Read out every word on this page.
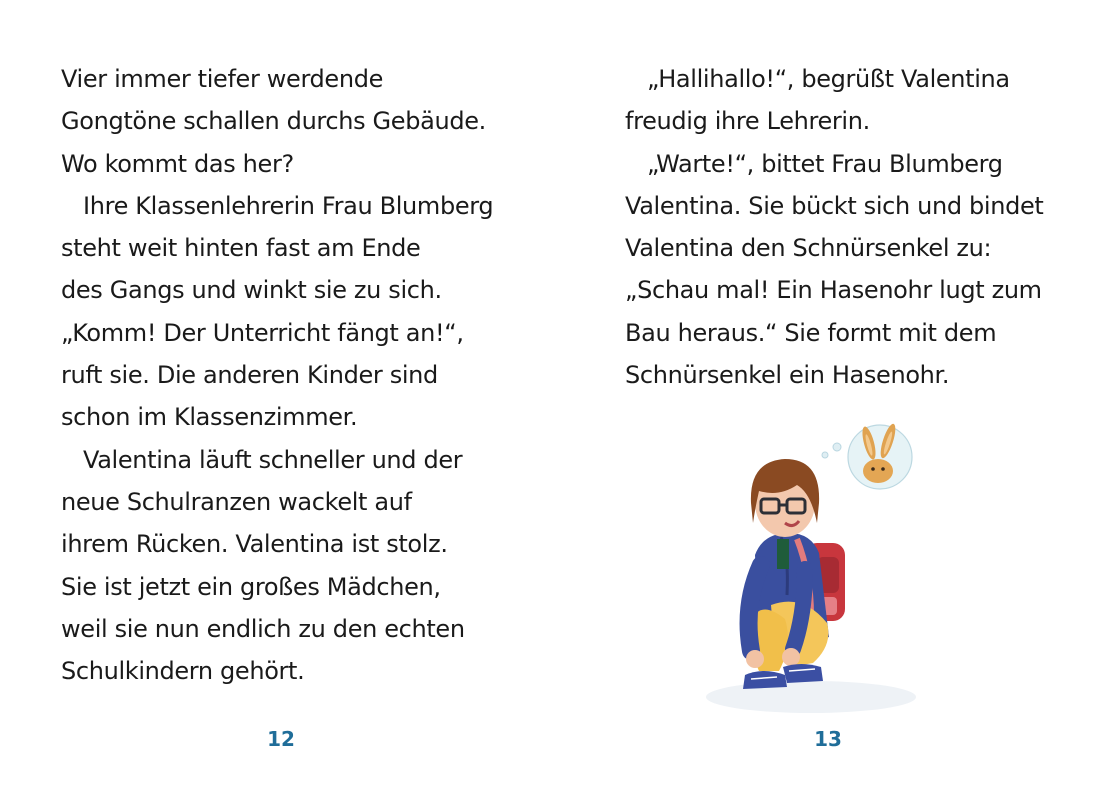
Vier immer tiefer werdende
Gongtöne schallen durchs Gebäude.
Wo kommt das her?
Ihre Klassenlehrerin Frau Blumberg
steht weit hinten fast am Ende
des Gangs und winkt sie zu sich.
„Komm! Der Unterricht fängt an!“,
ruft sie. Die anderen Kinder sind
schon im Klassenzimmer.
Valentina läuft schneller und der
neue Schulranzen wackelt auf
ihrem Rücken. Valentina ist stolz.
Sie ist jetzt ein großes Mädchen,
weil sie nun endlich zu den echten
Schulkindern gehört.
12
„Hallihallo!“, begrüßt Valentina
freudig ihre Lehrerin.
„Warte!“, bittet Frau Blumberg
Valentina. Sie bückt sich und bindet
Valentina den Schnürsenkel zu:
„Schau mal! Ein Hasenohr lugt zum
Bau heraus.“ Sie formt mit dem
Schnürsenkel ein Hasenohr.
13
